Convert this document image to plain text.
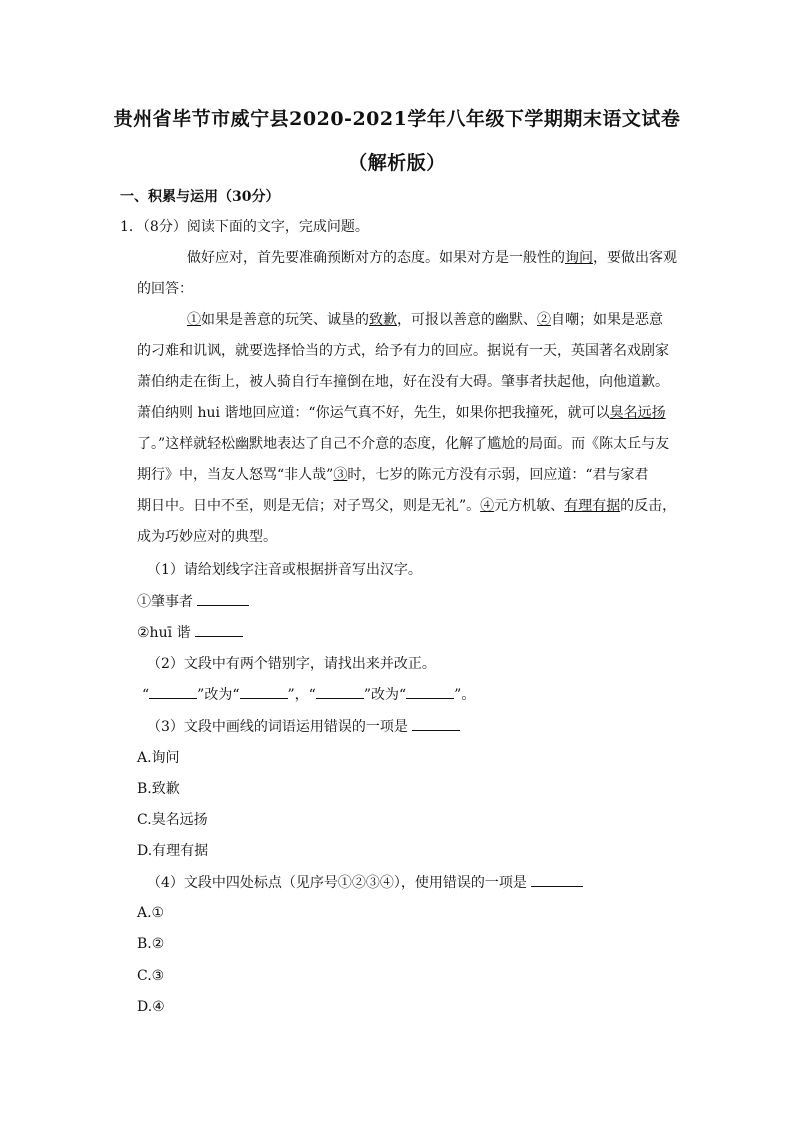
贵州省毕节市威宁县2020-2021学年八年级下学期期末语文试卷
（解析版）
一、积累与运用（30分）
1．（8分）阅读下面的文字，完成问题。
做好应对，首先要准确预断对方的态度。如果对方是一般性的询问，要做出客观
的回答：
①如果是善意的玩笑、诚垦的致歉，可报以善意的幽默、②自嘲；如果是恶意
的刁难和讥讽，就要选择恰当的方式，给予有力的回应。据说有一天，英国著名戏剧家
萧伯纳走在街上，被人骑自行车撞倒在地，好在没有大碍。肇事者扶起他，向他道歉。
萧伯纳则 hui 谐地回应道：“你运气真不好，先生，如果你把我撞死，就可以臭名远扬
了。”这样就轻松幽默地表达了自己不介意的态度，化解了尴尬的局面。而《陈太丘与友
期行》中，当友人怒骂“非人哉”③时，七岁的陈元方没有示弱，回应道：“君与家君
期日中。日中不至，则是无信；对子骂父，则是无礼”。④元方机敏、有理有据的反击，
成为巧妙应对的典型。
（1）请给划线字注音或根据拼音写出汉字。
①肇事者
②huī 谐
（2）文段中有两个错别字，请找出来并改正。
“	”改为“	”，“	”改为“	”。
（3）文段中画线的词语运用错误的一项是
A.询问
B.致歉
C.臭名远扬
D.有理有据
（4）文段中四处标点（见序号①②③④），使用错误的一项是
A.①
B.②
C.③
D.④
